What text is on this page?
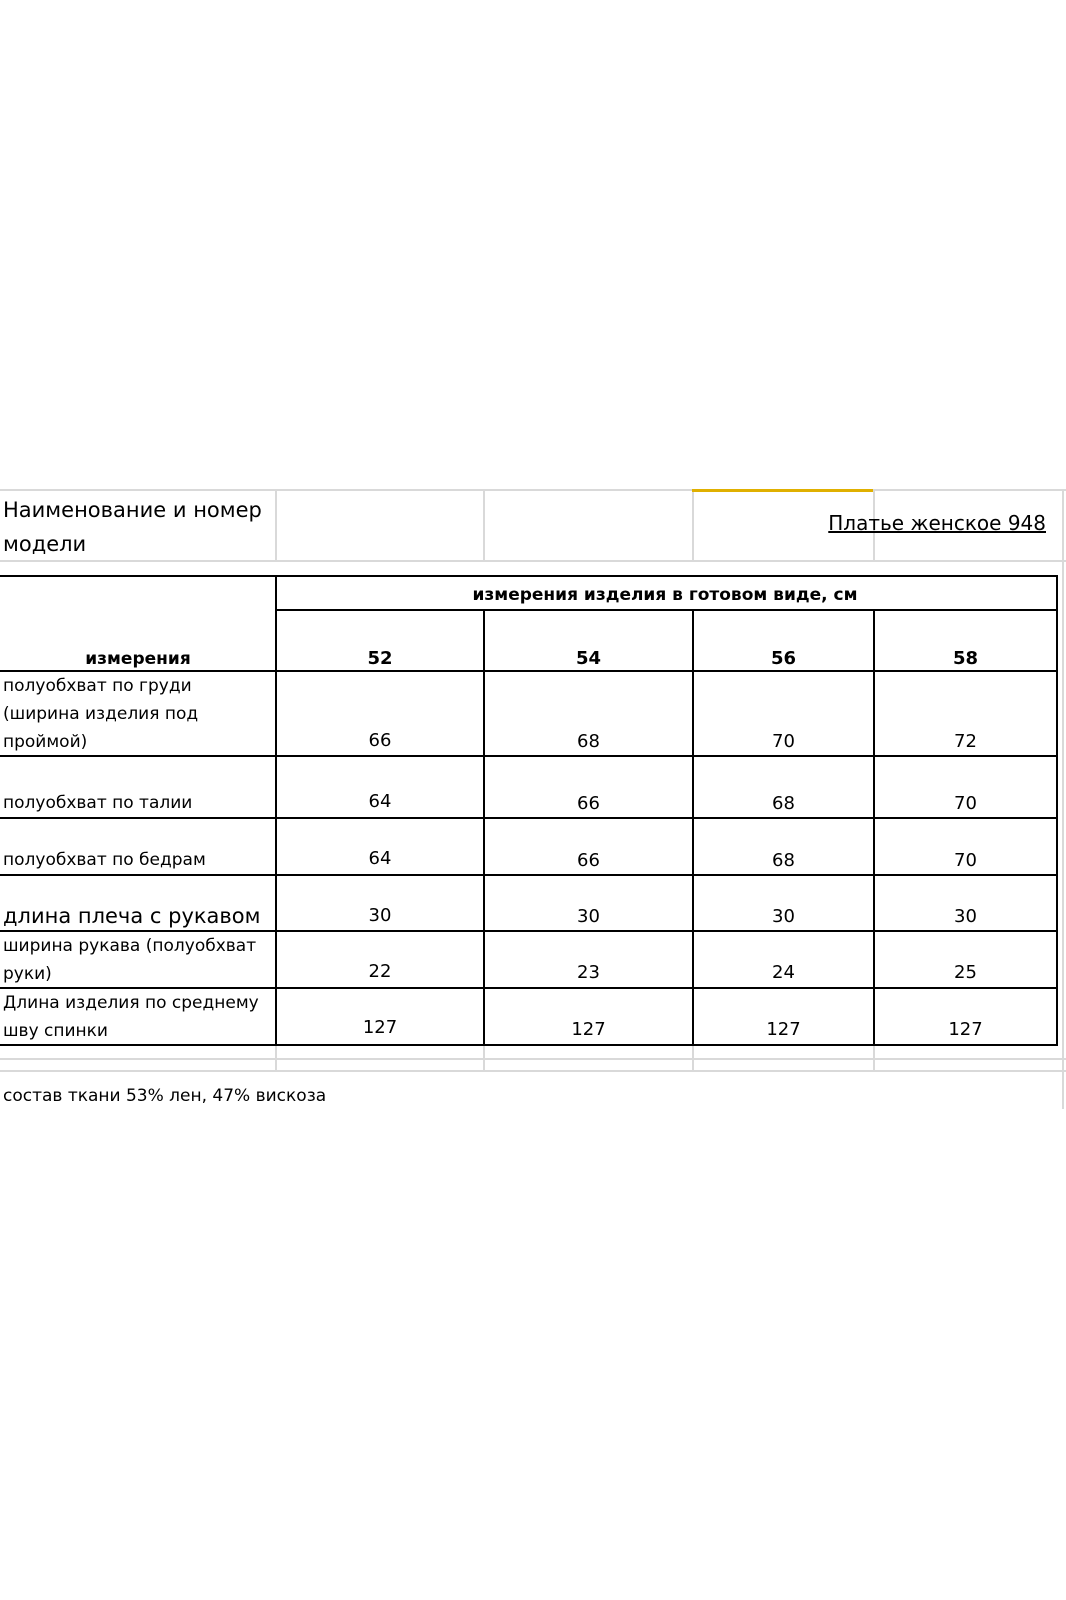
Наименование и номер модели
Платье женское 948
измерения изделия в готовом виде, см
измерения	52	54	56	58
полуобхват по груди (ширина изделия под проймой)	66	68	70	72
полуобхват по талии	64	66	68	70
полуобхват по бедрам	64	66	68	70
длина плеча с рукавом	30	30	30	30
ширина рукава (полуобхват руки)	22	23	24	25
Длина изделия по среднему шву спинки	127	127	127	127
состав ткани 53% лен, 47% вискоза
